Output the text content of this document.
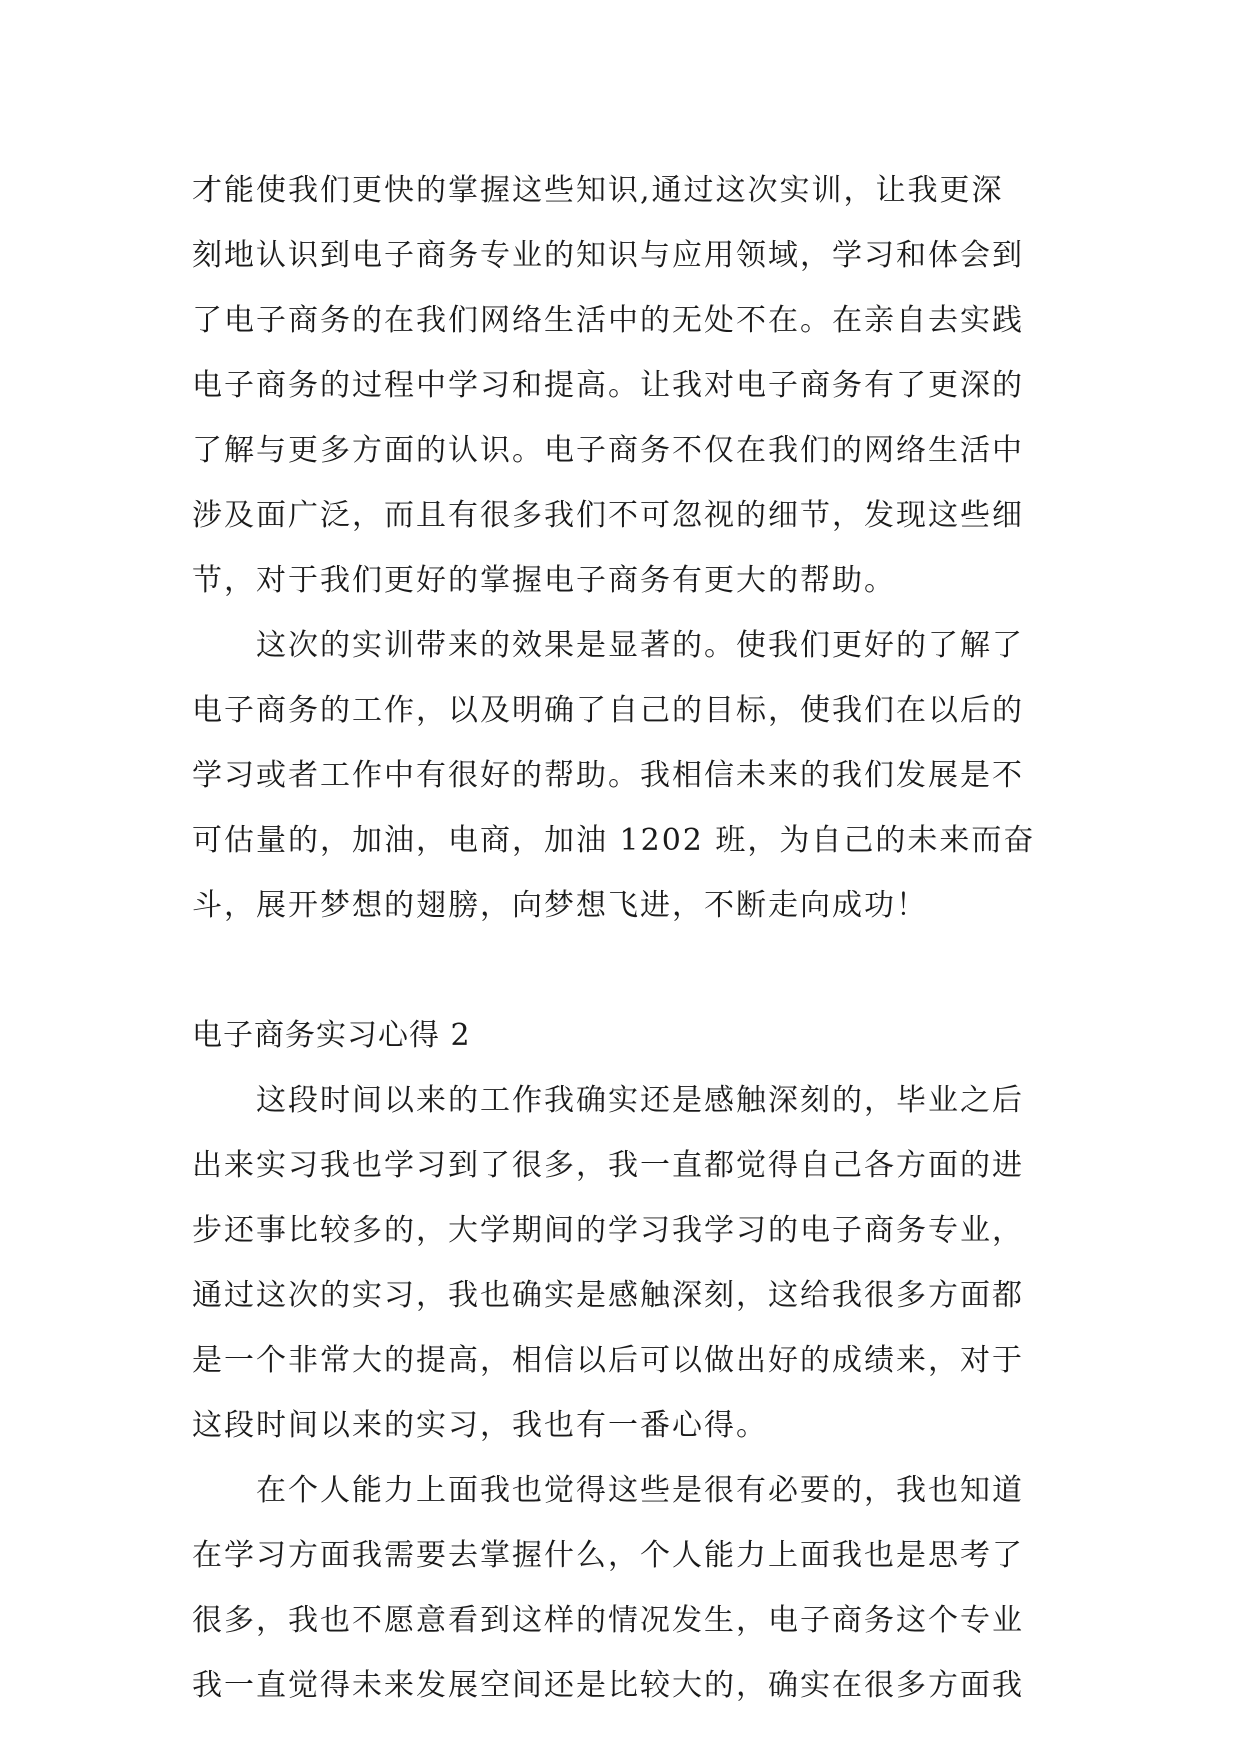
才能使我们更快的掌握这些知识,通过这次实训，让我更深
刻地认识到电子商务专业的知识与应用领域，学习和体会到
了电子商务的在我们网络生活中的无处不在。在亲自去实践
电子商务的过程中学习和提高。让我对电子商务有了更深的
了解与更多方面的认识。电子商务不仅在我们的网络生活中
涉及面广泛，而且有很多我们不可忽视的细节，发现这些细
节，对于我们更好的掌握电子商务有更大的帮助。
这次的实训带来的效果是显著的。使我们更好的了解了
电子商务的工作，以及明确了自己的目标，使我们在以后的
学习或者工作中有很好的帮助。我相信未来的我们发展是不
可估量的，加油，电商，加油 1202 班，为自己的未来而奋
斗，展开梦想的翅膀，向梦想飞进，不断走向成功！
电子商务实习心得 2
这段时间以来的工作我确实还是感触深刻的，毕业之后
出来实习我也学习到了很多，我一直都觉得自己各方面的进
步还事比较多的，大学期间的学习我学习的电子商务专业，
通过这次的实习，我也确实是感触深刻，这给我很多方面都
是一个非常大的提高，相信以后可以做出好的成绩来，对于
这段时间以来的实习，我也有一番心得。
在个人能力上面我也觉得这些是很有必要的，我也知道
在学习方面我需要去掌握什么，个人能力上面我也是思考了
很多，我也不愿意看到这样的情况发生，电子商务这个专业
我一直觉得未来发展空间还是比较大的，确实在很多方面我
